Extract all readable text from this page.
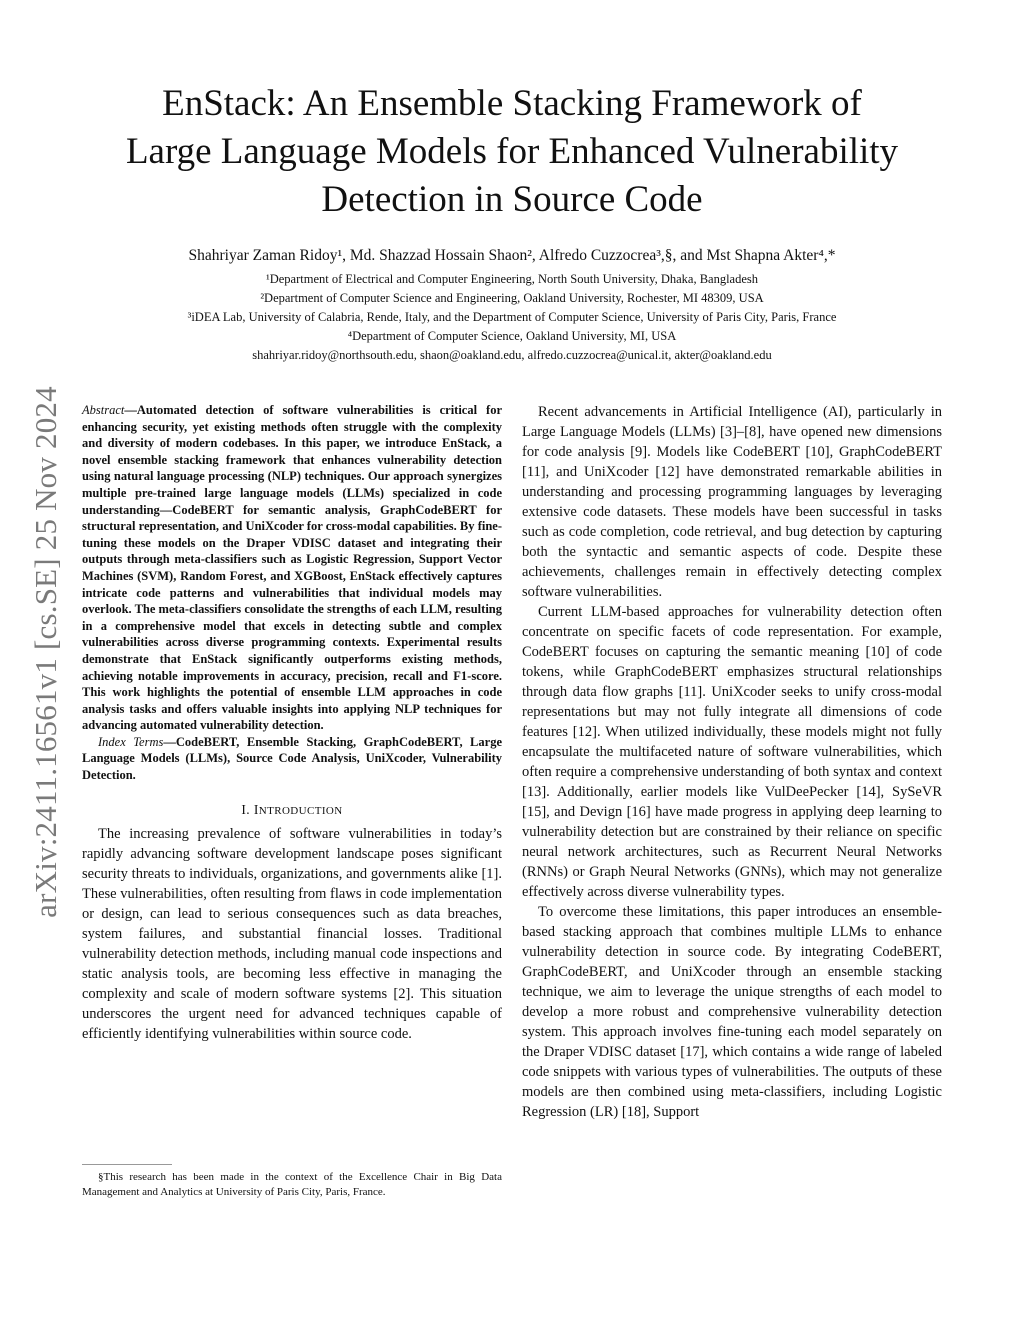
arXiv:2411.16561v1 [cs.SE] 25 Nov 2024
EnStack: An Ensemble Stacking Framework of
Large Language Models for Enhanced Vulnerability
Detection in Source Code
Shahriyar Zaman Ridoy¹, Md. Shazzad Hossain Shaon², Alfredo Cuzzocrea³,§, and Mst Shapna Akter⁴,*
¹Department of Electrical and Computer Engineering, North South University, Dhaka, Bangladesh
²Department of Computer Science and Engineering, Oakland University, Rochester, MI 48309, USA
³iDEA Lab, University of Calabria, Rende, Italy, and the Department of Computer Science, University of Paris City, Paris, France
⁴Department of Computer Science, Oakland University, MI, USA
shahriyar.ridoy@northsouth.edu, shaon@oakland.edu, alfredo.cuzzocrea@unical.it, akter@oakland.edu

Abstract—Automated detection of software vulnerabilities is critical for enhancing security, yet existing methods often struggle with the complexity and diversity of modern codebases. In this paper, we introduce EnStack, a novel ensemble stacking framework that enhances vulnerability detection using natural language processing (NLP) techniques. Our approach synergizes multiple pre-trained large language models (LLMs) specialized in code understanding—CodeBERT for semantic analysis, GraphCodeBERT for structural representation, and UniXcoder for cross-modal capabilities. By fine-tuning these models on the Draper VDISC dataset and integrating their outputs through meta-classifiers such as Logistic Regression, Support Vector Machines (SVM), Random Forest, and XGBoost, EnStack effectively captures intricate code patterns and vulnerabilities that individual models may overlook. The meta-classifiers consolidate the strengths of each LLM, resulting in a comprehensive model that excels in detecting subtle and complex vulnerabilities across diverse programming contexts. Experimental results demonstrate that EnStack significantly outperforms existing methods, achieving notable improvements in accuracy, precision, recall and F1-score. This work highlights the potential of ensemble LLM approaches in code analysis tasks and offers valuable insights into applying NLP techniques for advancing automated vulnerability detection.

Index Terms—CodeBERT, Ensemble Stacking, GraphCodeBERT, Large Language Models (LLMs), Source Code Analysis, UniXcoder, Vulnerability Detection.

I. INTRODUCTION

The increasing prevalence of software vulnerabilities in today’s rapidly advancing software development landscape poses significant security threats to individuals, organizations, and governments alike [1]. These vulnerabilities, often resulting from flaws in code implementation or design, can lead to serious consequences such as data breaches, system failures, and substantial financial losses. Traditional vulnerability detection methods, including manual code inspections and static analysis tools, are becoming less effective in managing the complexity and scale of modern software systems [2]. This situation underscores the urgent need for advanced techniques capable of efficiently identifying vulnerabilities within source code.

§This research has been made in the context of the Excellence Chair in Big Data Management and Analytics at University of Paris City, Paris, France.

Recent advancements in Artificial Intelligence (AI), particularly in Large Language Models (LLMs) [3]–[8], have opened new dimensions for code analysis [9]. Models like CodeBERT [10], GraphCodeBERT [11], and UniXcoder [12] have demonstrated remarkable abilities in understanding and processing programming languages by leveraging extensive code datasets. These models have been successful in tasks such as code completion, code retrieval, and bug detection by capturing both the syntactic and semantic aspects of code. Despite these achievements, challenges remain in effectively detecting complex software vulnerabilities.

Current LLM-based approaches for vulnerability detection often concentrate on specific facets of code representation. For example, CodeBERT focuses on capturing the semantic meaning [10] of code tokens, while GraphCodeBERT emphasizes structural relationships through data flow graphs [11]. UniXcoder seeks to unify cross-modal representations but may not fully integrate all dimensions of code features [12]. When utilized individually, these models might not fully encapsulate the multifaceted nature of software vulnerabilities, which often require a comprehensive understanding of both syntax and context [13]. Additionally, earlier models like VulDeePecker [14], SySeVR [15], and Devign [16] have made progress in applying deep learning to vulnerability detection but are constrained by their reliance on specific neural network architectures, such as Recurrent Neural Networks (RNNs) or Graph Neural Networks (GNNs), which may not generalize effectively across diverse vulnerability types.

To overcome these limitations, this paper introduces an ensemble-based stacking approach that combines multiple LLMs to enhance vulnerability detection in source code. By integrating CodeBERT, GraphCodeBERT, and UniXcoder through an ensemble stacking technique, we aim to leverage the unique strengths of each model to develop a more robust and comprehensive vulnerability detection system. This approach involves fine-tuning each model separately on the Draper VDISC dataset [17], which contains a wide range of labeled code snippets with various types of vulnerabilities. The outputs of these models are then combined using meta-classifiers, including Logistic Regression (LR) [18], Support
